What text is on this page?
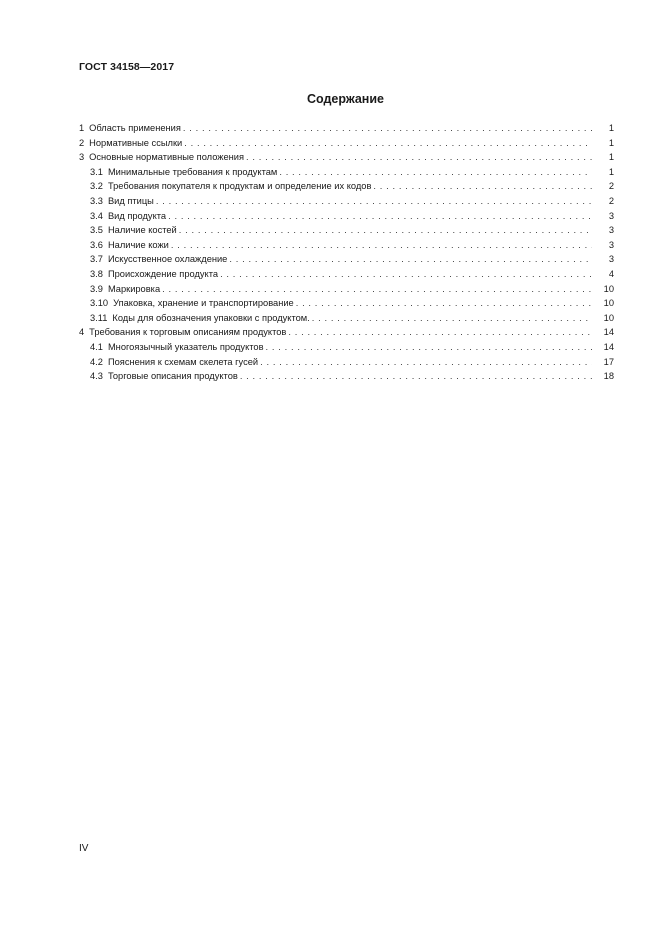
ГОСТ 34158—2017
Содержание
1 Область применения . . .	1
2 Нормативные ссылки . . .	1
3 Основные нормативные положения . . .	1
3.1 Минимальные требования к продуктам . . .	1
3.2 Требования покупателя к продуктам и определение их кодов . . .	2
3.3 Вид птицы . . .	2
3.4 Вид продукта . . .	3
3.5 Наличие костей . . .	3
3.6 Наличие кожи . . .	3
3.7 Искусственное охлаждение . . .	3
3.8 Происхождение продукта . . .	4
3.9 Маркировка . . .	10
3.10 Упаковка, хранение и транспортирование . . .	10
3.11 Коды для обозначения упаковки с продуктом. . . .	10
4 Требования к торговым описаниям продуктов . . .	14
4.1 Многоязычный указатель продуктов . . .	14
4.2 Пояснения к схемам скелета гусей . . .	17
4.3 Торговые описания продуктов . . .	18
IV
